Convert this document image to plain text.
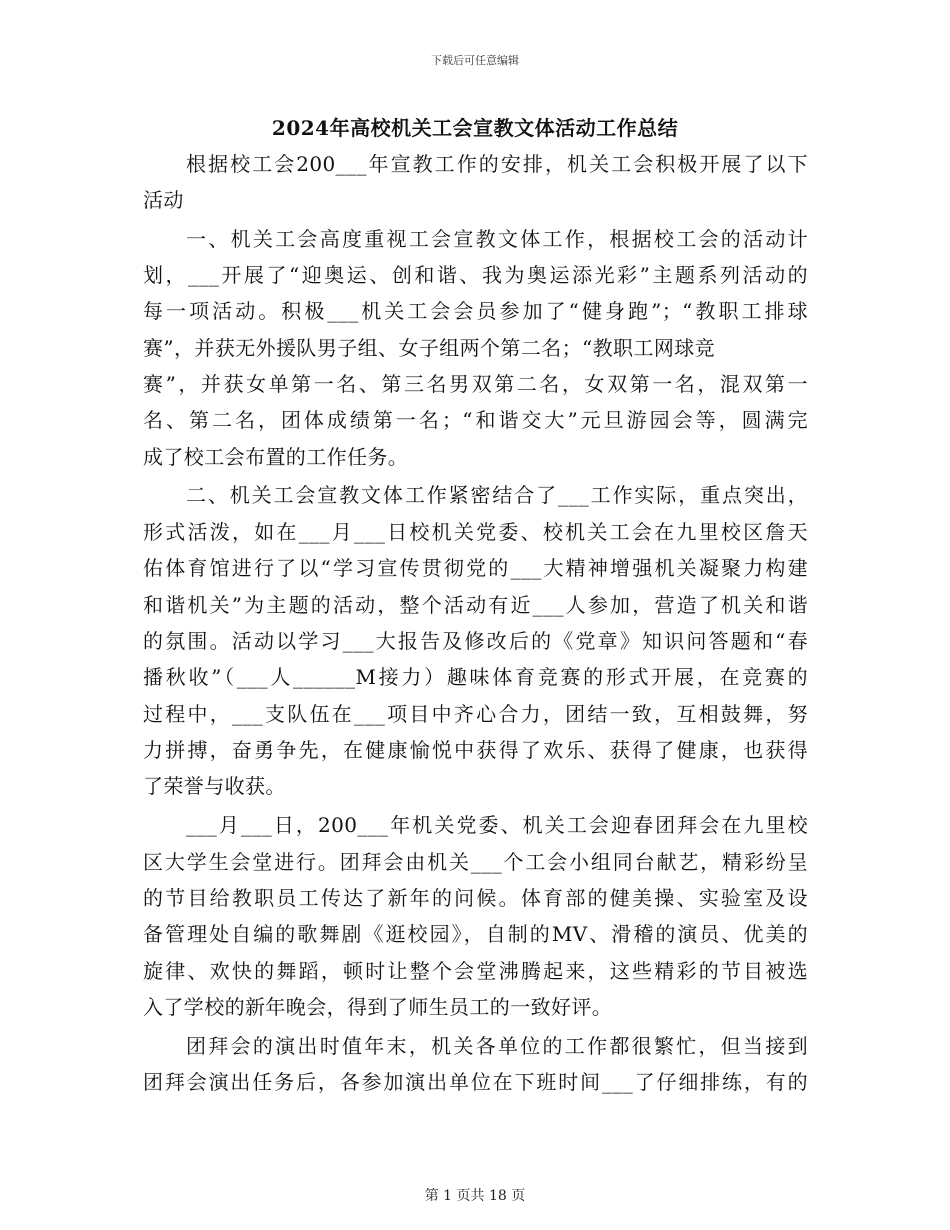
下载后可任意编辑
2024年高校机关工会宣教文体活动工作总结
根据校工会200___年宣教工作的安排，机关工会积极开展了以下
活动
一、机关工会高度重视工会宣教文体工作，根据校工会的活动计
划，___开展了“迎奥运、创和谐、我为奥运添光彩”主题系列活动的
每一项活动。积极___机关工会会员参加了“健身跑”；“教职工排球
赛”，并获无外援队男子组、女子组两个第二名；“教职工网球竞
赛”，并获女单第一名、第三名男双第二名，女双第一名，混双第一
名、第二名，团体成绩第一名；“和谐交大”元旦游园会等，圆满完
成了校工会布置的工作任务。
二、机关工会宣教文体工作紧密结合了___工作实际，重点突出，
形式活泼，如在___月___日校机关党委、校机关工会在九里校区詹天
佑体育馆进行了以“学习宣传贯彻党的___大精神增强机关凝聚力构建
和谐机关”为主题的活动，整个活动有近___人参加，营造了机关和谐
的氛围。活动以学习___大报告及修改后的《党章》知识问答题和“春
播秋收”（___人______M接力）趣味体育竞赛的形式开展，在竞赛的
过程中，___支队伍在___项目中齐心合力，团结一致，互相鼓舞，努
力拼搏，奋勇争先，在健康愉悦中获得了欢乐、获得了健康，也获得
了荣誉与收获。
___月___日，200___年机关党委、机关工会迎春团拜会在九里校
区大学生会堂进行。团拜会由机关___个工会小组同台献艺，精彩纷呈
的节目给教职员工传达了新年的问候。体育部的健美操、实验室及设
备管理处自编的歌舞剧《逛校园》，自制的MV、滑稽的演员、优美的
旋律、欢快的舞蹈，顿时让整个会堂沸腾起来，这些精彩的节目被选
入了学校的新年晚会，得到了师生员工的一致好评。
团拜会的演出时值年末，机关各单位的工作都很繁忙，但当接到
团拜会演出任务后，各参加演出单位在下班时间___了仔细排练，有的
第 1 页共 18 页
